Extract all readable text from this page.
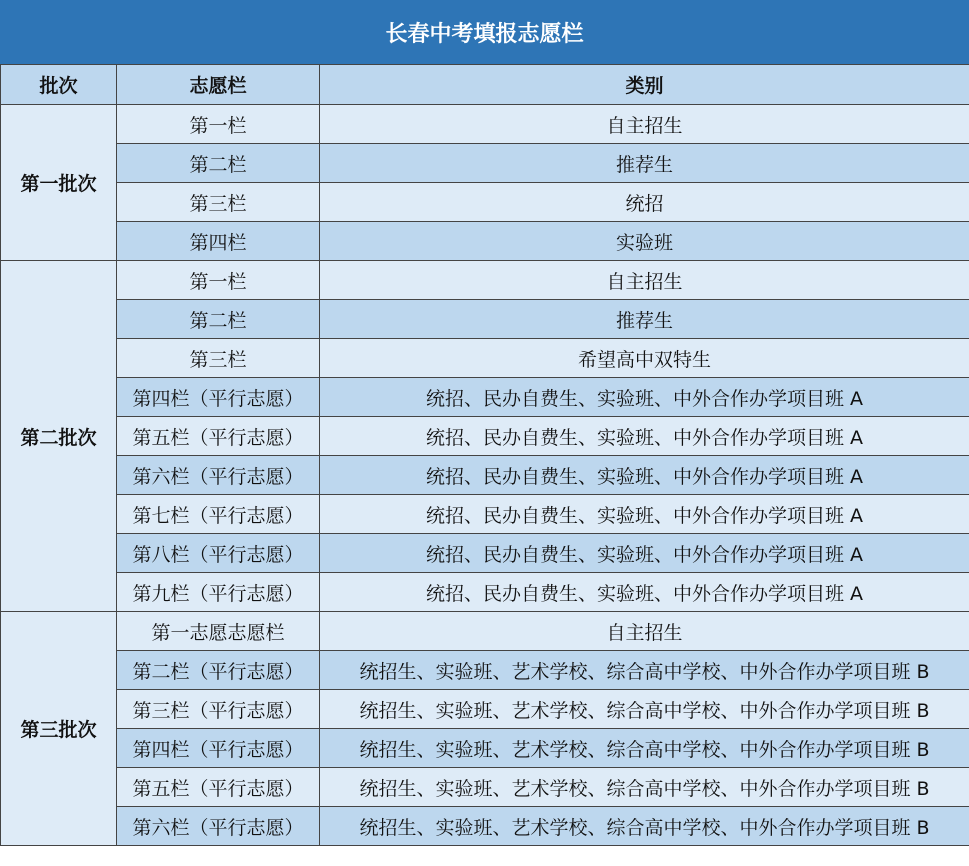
长春中考填报志愿栏
批次	志愿栏	类别
第一批次	第一栏	自主招生
	第二栏	推荐生
	第三栏	统招
	第四栏	实验班
第二批次	第一栏	自主招生
	第二栏	推荐生
	第三栏	希望高中双特生
	第四栏（平行志愿）	统招、民办自费生、实验班、中外合作办学项目班 A
	第五栏（平行志愿）	统招、民办自费生、实验班、中外合作办学项目班 A
	第六栏（平行志愿）	统招、民办自费生、实验班、中外合作办学项目班 A
	第七栏（平行志愿）	统招、民办自费生、实验班、中外合作办学项目班 A
	第八栏（平行志愿）	统招、民办自费生、实验班、中外合作办学项目班 A
	第九栏（平行志愿）	统招、民办自费生、实验班、中外合作办学项目班 A
第三批次	第一志愿志愿栏	自主招生
	第二栏（平行志愿）	统招生、实验班、艺术学校、综合高中学校、中外合作办学项目班 B
	第三栏（平行志愿）	统招生、实验班、艺术学校、综合高中学校、中外合作办学项目班 B
	第四栏（平行志愿）	统招生、实验班、艺术学校、综合高中学校、中外合作办学项目班 B
	第五栏（平行志愿）	统招生、实验班、艺术学校、综合高中学校、中外合作办学项目班 B
	第六栏（平行志愿）	统招生、实验班、艺术学校、综合高中学校、中外合作办学项目班 B
